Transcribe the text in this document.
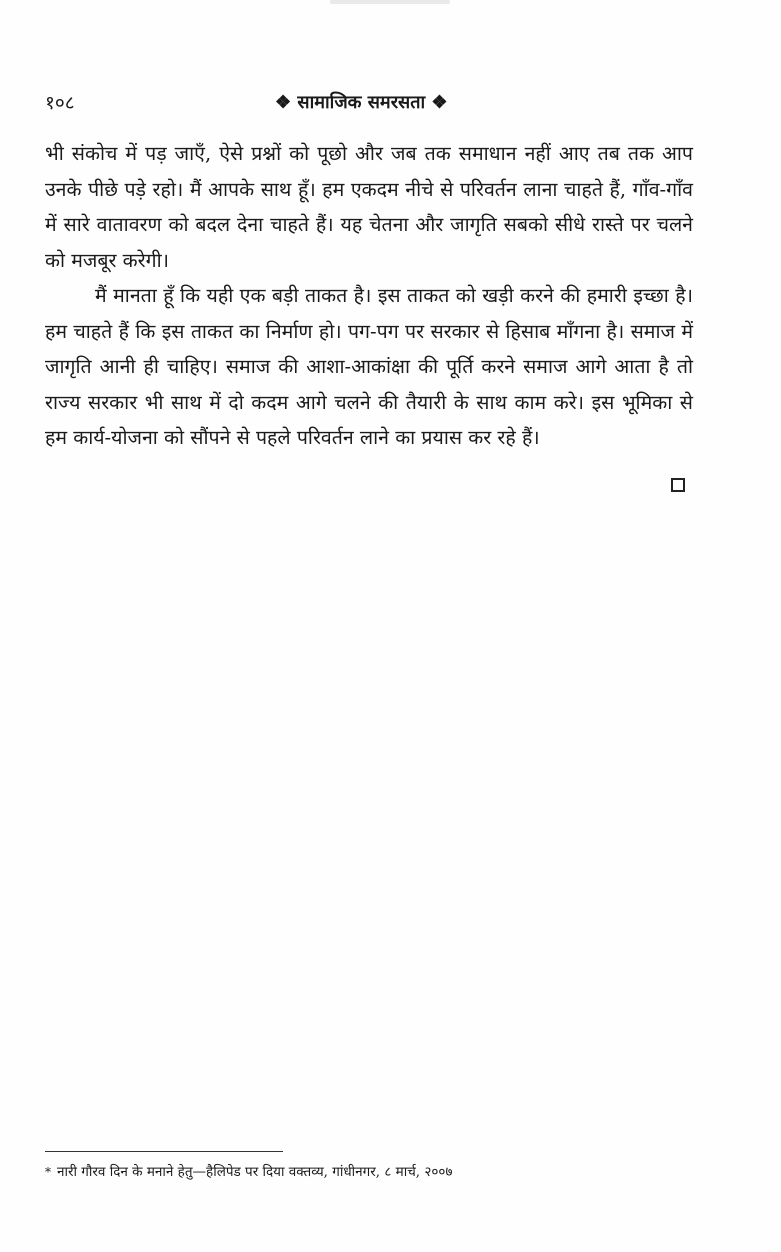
१०८	❖ सामाजिक समरसता ❖

भी संकोच में पड़ जाएँ, ऐसे प्रश्नों को पूछो और जब तक समाधान नहीं आए तब तक आप उनके पीछे पड़े रहो। मैं आपके साथ हूँ। हम एकदम नीचे से परिवर्तन लाना चाहते हैं, गाँव-गाँव में सारे वातावरण को बदल देना चाहते हैं। यह चेतना और जागृति सबको सीधे रास्ते पर चलने को मजबूर करेगी।

मैं मानता हूँ कि यही एक बड़ी ताकत है। इस ताकत को खड़ी करने की हमारी इच्छा है। हम चाहते हैं कि इस ताकत का निर्माण हो। पग-पग पर सरकार से हिसाब माँगना है। समाज में जागृति आनी ही चाहिए। समाज की आशा-आकांक्षा की पूर्ति करने समाज आगे आता है तो राज्य सरकार भी साथ में दो कदम आगे चलने की तैयारी के साथ काम करे। इस भूमिका से हम कार्य-योजना को सौंपने से पहले परिवर्तन लाने का प्रयास कर रहे हैं।

* नारी गौरव दिन के मनाने हेतु—हैलिपेड पर दिया वक्तव्य, गांधीनगर, ८ मार्च, २००७
